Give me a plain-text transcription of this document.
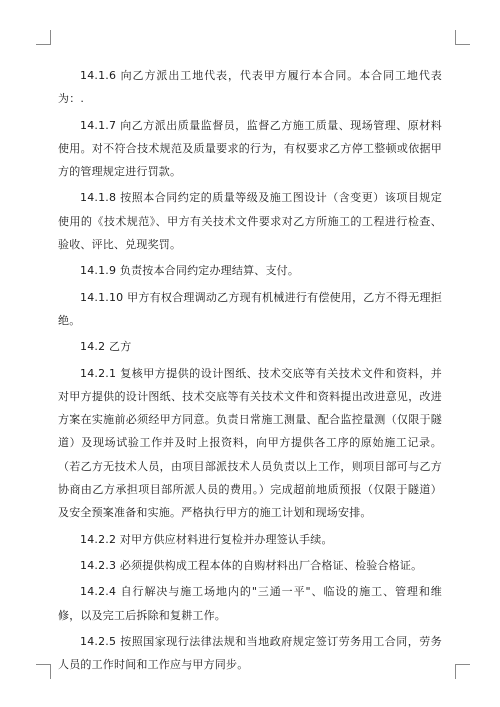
14.1.6 向乙方派出工地代表，代表甲方履行本合同。本合同工地代表为：.

14.1.7 向乙方派出质量监督员，监督乙方施工质量、现场管理、原材料使用。对不符合技术规范及质量要求的行为，有权要求乙方停工整顿或依据甲方的管理规定进行罚款。

14.1.8 按照本合同约定的质量等级及施工图设计（含变更）该项目规定使用的《技术规范》、甲方有关技术文件要求对乙方所施工的工程进行检查、验收、评比、兑现奖罚。

14.1.9 负责按本合同约定办理结算、支付。

14.1.10 甲方有权合理调动乙方现有机械进行有偿使用，乙方不得无理拒绝。

14.2 乙方

14.2.1 复核甲方提供的设计图纸、技术交底等有关技术文件和资料，并对甲方提供的设计图纸、技术交底等有关技术文件和资料提出改进意见，改进方案在实施前必须经甲方同意。负责日常施工测量、配合监控量测（仅限于隧道）及现场试验工作并及时上报资料，向甲方提供各工序的原始施工记录。（若乙方无技术人员，由项目部派技术人员负责以上工作，则项目部可与乙方协商由乙方承担项目部所派人员的费用。）完成超前地质预报（仅限于隧道）及安全预案准备和实施。严格执行甲方的施工计划和现场安排。

14.2.2 对甲方供应材料进行复检并办理签认手续。

14.2.3 必须提供构成工程本体的自购材料出厂合格证、检验合格证。

14.2.4 自行解决与施工场地内的"三通一平"、临设的施工、管理和维修，以及完工后拆除和复耕工作。

14.2.5 按照国家现行法律法规和当地政府规定签订劳务用工合同，劳务人员的工作时间和工作应与甲方同步。
